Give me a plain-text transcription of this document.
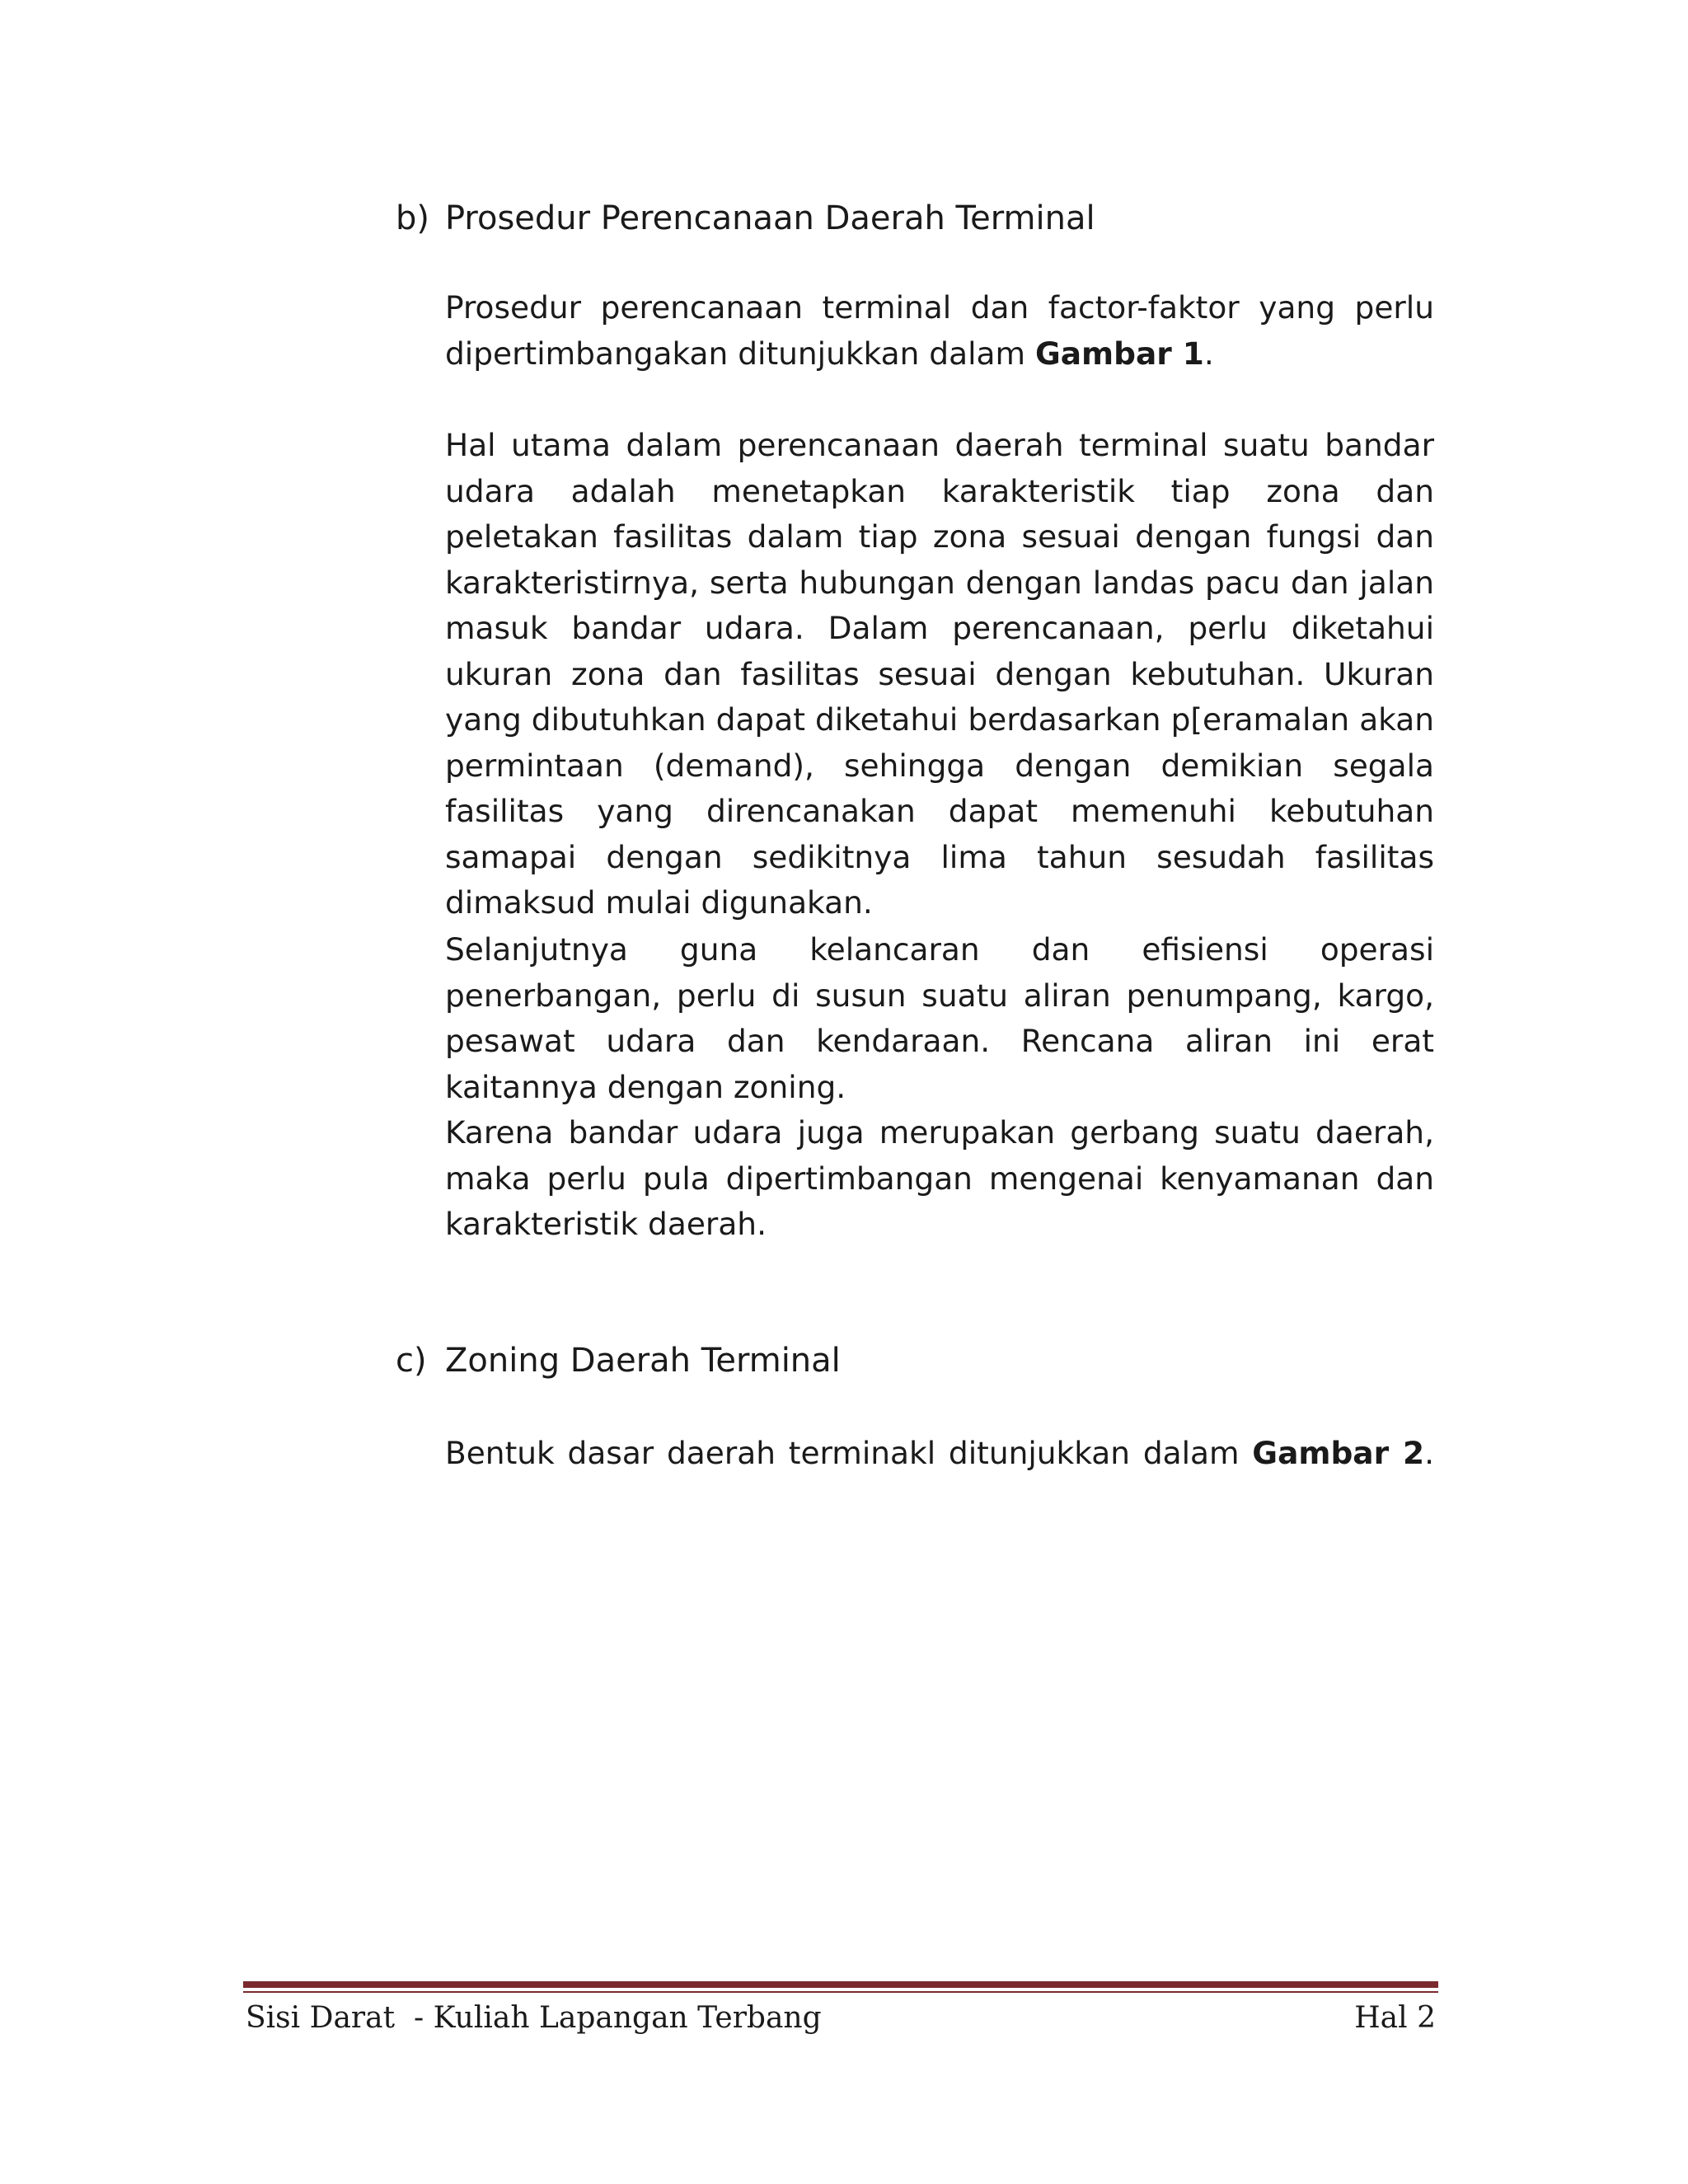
b) Prosedur Perencanaan Daerah Terminal

Prosedur perencanaan terminal dan factor-faktor yang perlu dipertimbangakan ditunjukkan dalam Gambar 1.

Hal utama dalam perencanaan daerah terminal suatu bandar udara adalah menetapkan karakteristik tiap zona dan peletakan fasilitas dalam tiap zona sesuai dengan fungsi dan karakteristirnya, serta hubungan dengan landas pacu dan jalan masuk bandar udara. Dalam perencanaan, perlu diketahui ukuran zona dan fasilitas sesuai dengan kebutuhan. Ukuran yang dibutuhkan dapat diketahui berdasarkan p[eramalan akan permintaan (demand), sehingga dengan demikian segala fasilitas yang direncanakan dapat memenuhi kebutuhan samapai dengan sedikitnya lima tahun sesudah fasilitas dimaksud mulai digunakan.

Selanjutnya guna kelancaran dan efisiensi operasi penerbangan, perlu di susun suatu aliran penumpang, kargo, pesawat udara dan kendaraan. Rencana aliran ini erat kaitannya dengan zoning.

Karena bandar udara juga merupakan gerbang suatu daerah, maka perlu pula dipertimbangan mengenai kenyamanan dan karakteristik daerah.

c) Zoning Daerah Terminal

Bentuk dasar daerah terminakl ditunjukkan dalam Gambar 2.

Sisi Darat  - Kuliah Lapangan Terbang	Hal 2
